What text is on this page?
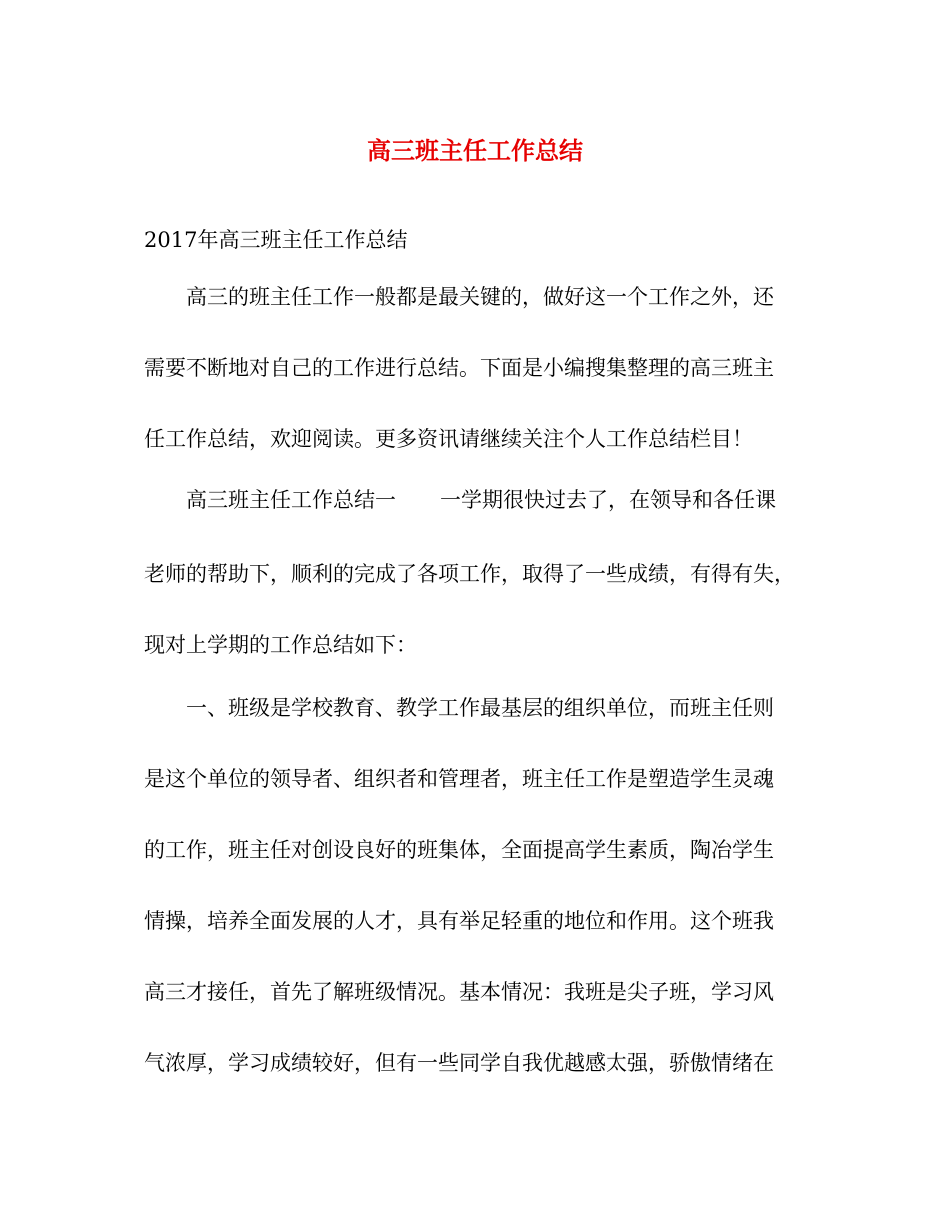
高三班主任工作总结

2017年高三班主任工作总结

高三的班主任工作一般都是最关键的，做好这一个工作之外，还

需要不断地对自己的工作进行总结。下面是小编搜集整理的高三班主

任工作总结，欢迎阅读。更多资讯请继续关注个人工作总结栏目！

高三班主任工作总结一 一学期很快过去了，在领导和各任课

老师的帮助下，顺利的完成了各项工作，取得了一些成绩，有得有失，

现对上学期的工作总结如下：

一、班级是学校教育、教学工作最基层的组织单位，而班主任则

是这个单位的领导者、组织者和管理者，班主任工作是塑造学生灵魂

的工作，班主任对创设良好的班集体，全面提高学生素质，陶冶学生

情操，培养全面发展的人才，具有举足轻重的地位和作用。这个班我

高三才接任，首先了解班级情况。基本情况：我班是尖子班，学习风

气浓厚，学习成绩较好，但有一些同学自我优越感太强，骄傲情绪在
